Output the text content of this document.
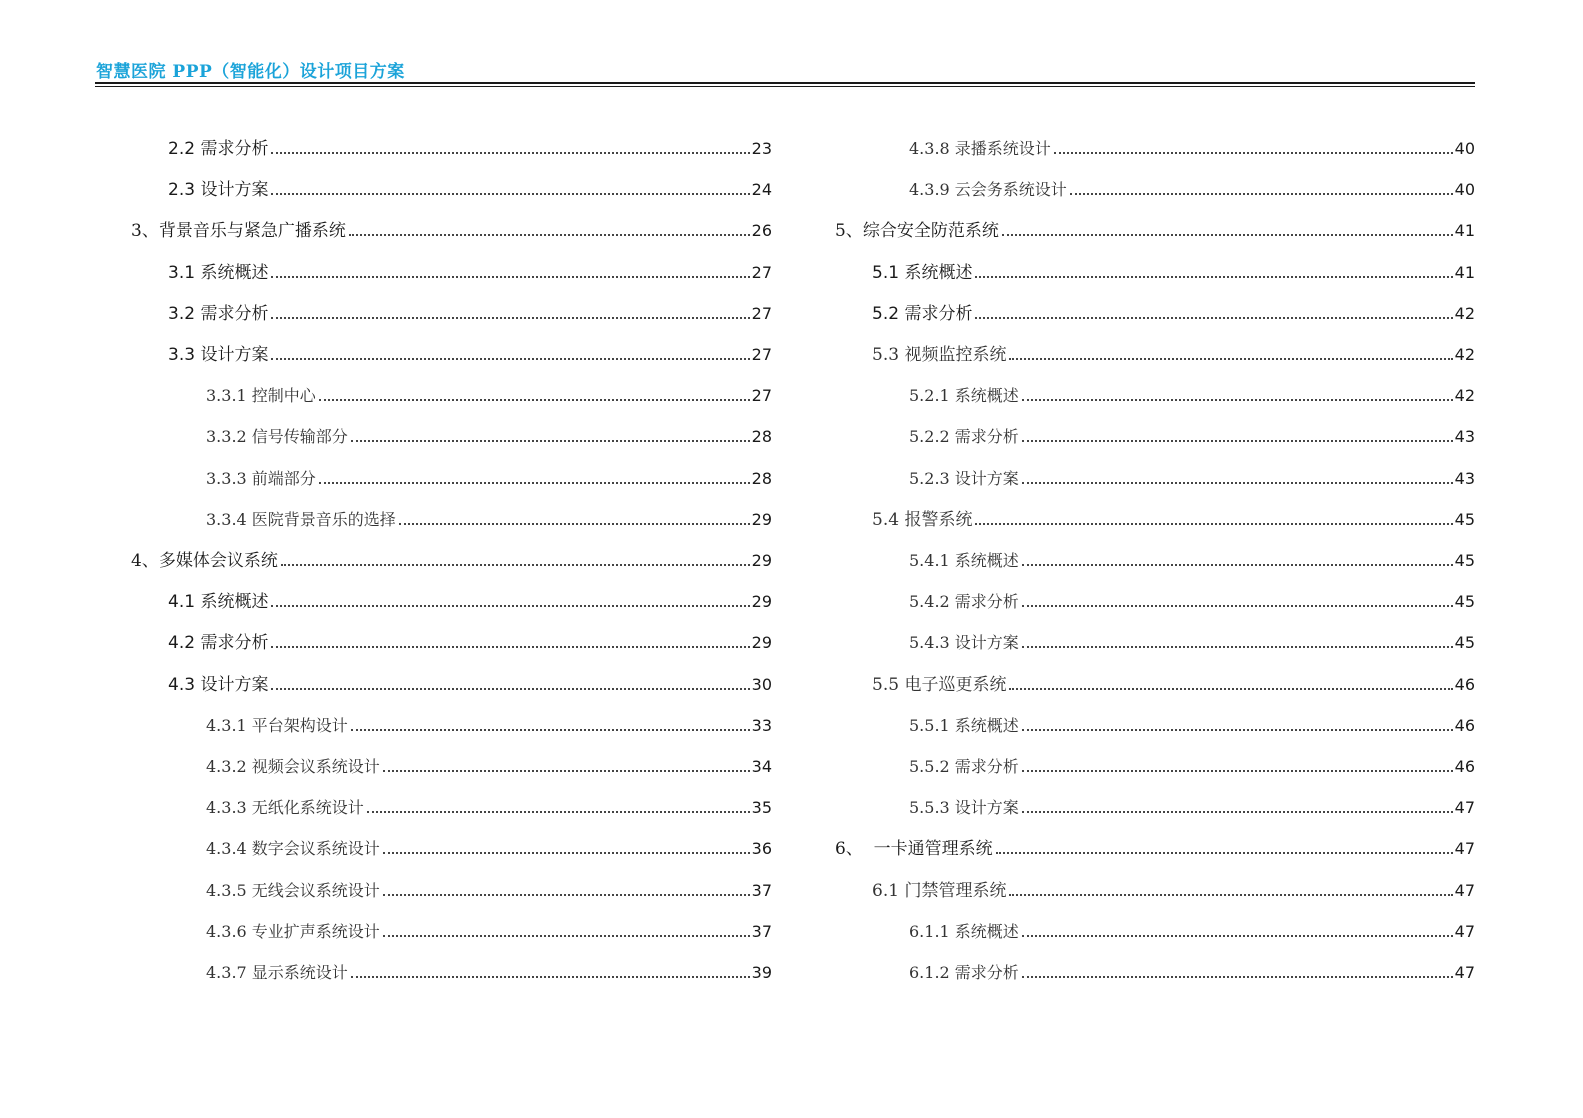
智慧医院 PPP（智能化）设计项目方案
2.2 需求分析	23
2.3 设计方案	24
3、背景音乐与紧急广播系统	26
3.1 系统概述	27
3.2 需求分析	27
3.3 设计方案	27
3.3.1 控制中心	27
3.3.2 信号传输部分	28
3.3.3 前端部分	28
3.3.4 医院背景音乐的选择	29
4、多媒体会议系统	29
4.1 系统概述	29
4.2 需求分析	29
4.3 设计方案	30
4.3.1 平台架构设计	33
4.3.2 视频会议系统设计	34
4.3.3 无纸化系统设计	35
4.3.4 数字会议系统设计	36
4.3.5 无线会议系统设计	37
4.3.6 专业扩声系统设计	37
4.3.7 显示系统设计	39
4.3.8 录播系统设计	40
4.3.9 云会务系统设计	40
5、综合安全防范系统	41
5.1 系统概述	41
5.2 需求分析	42
5.3 视频监控系统	42
5.2.1 系统概述	42
5.2.2 需求分析	43
5.2.3 设计方案	43
5.4 报警系统	45
5.4.1 系统概述	45
5.4.2 需求分析	45
5.4.3 设计方案	45
5.5 电子巡更系统	46
5.5.1 系统概述	46
5.5.2 需求分析	46
5.5.3 设计方案	47
6、  一卡通管理系统	47
6.1 门禁管理系统	47
6.1.1 系统概述	47
6.1.2 需求分析	47
